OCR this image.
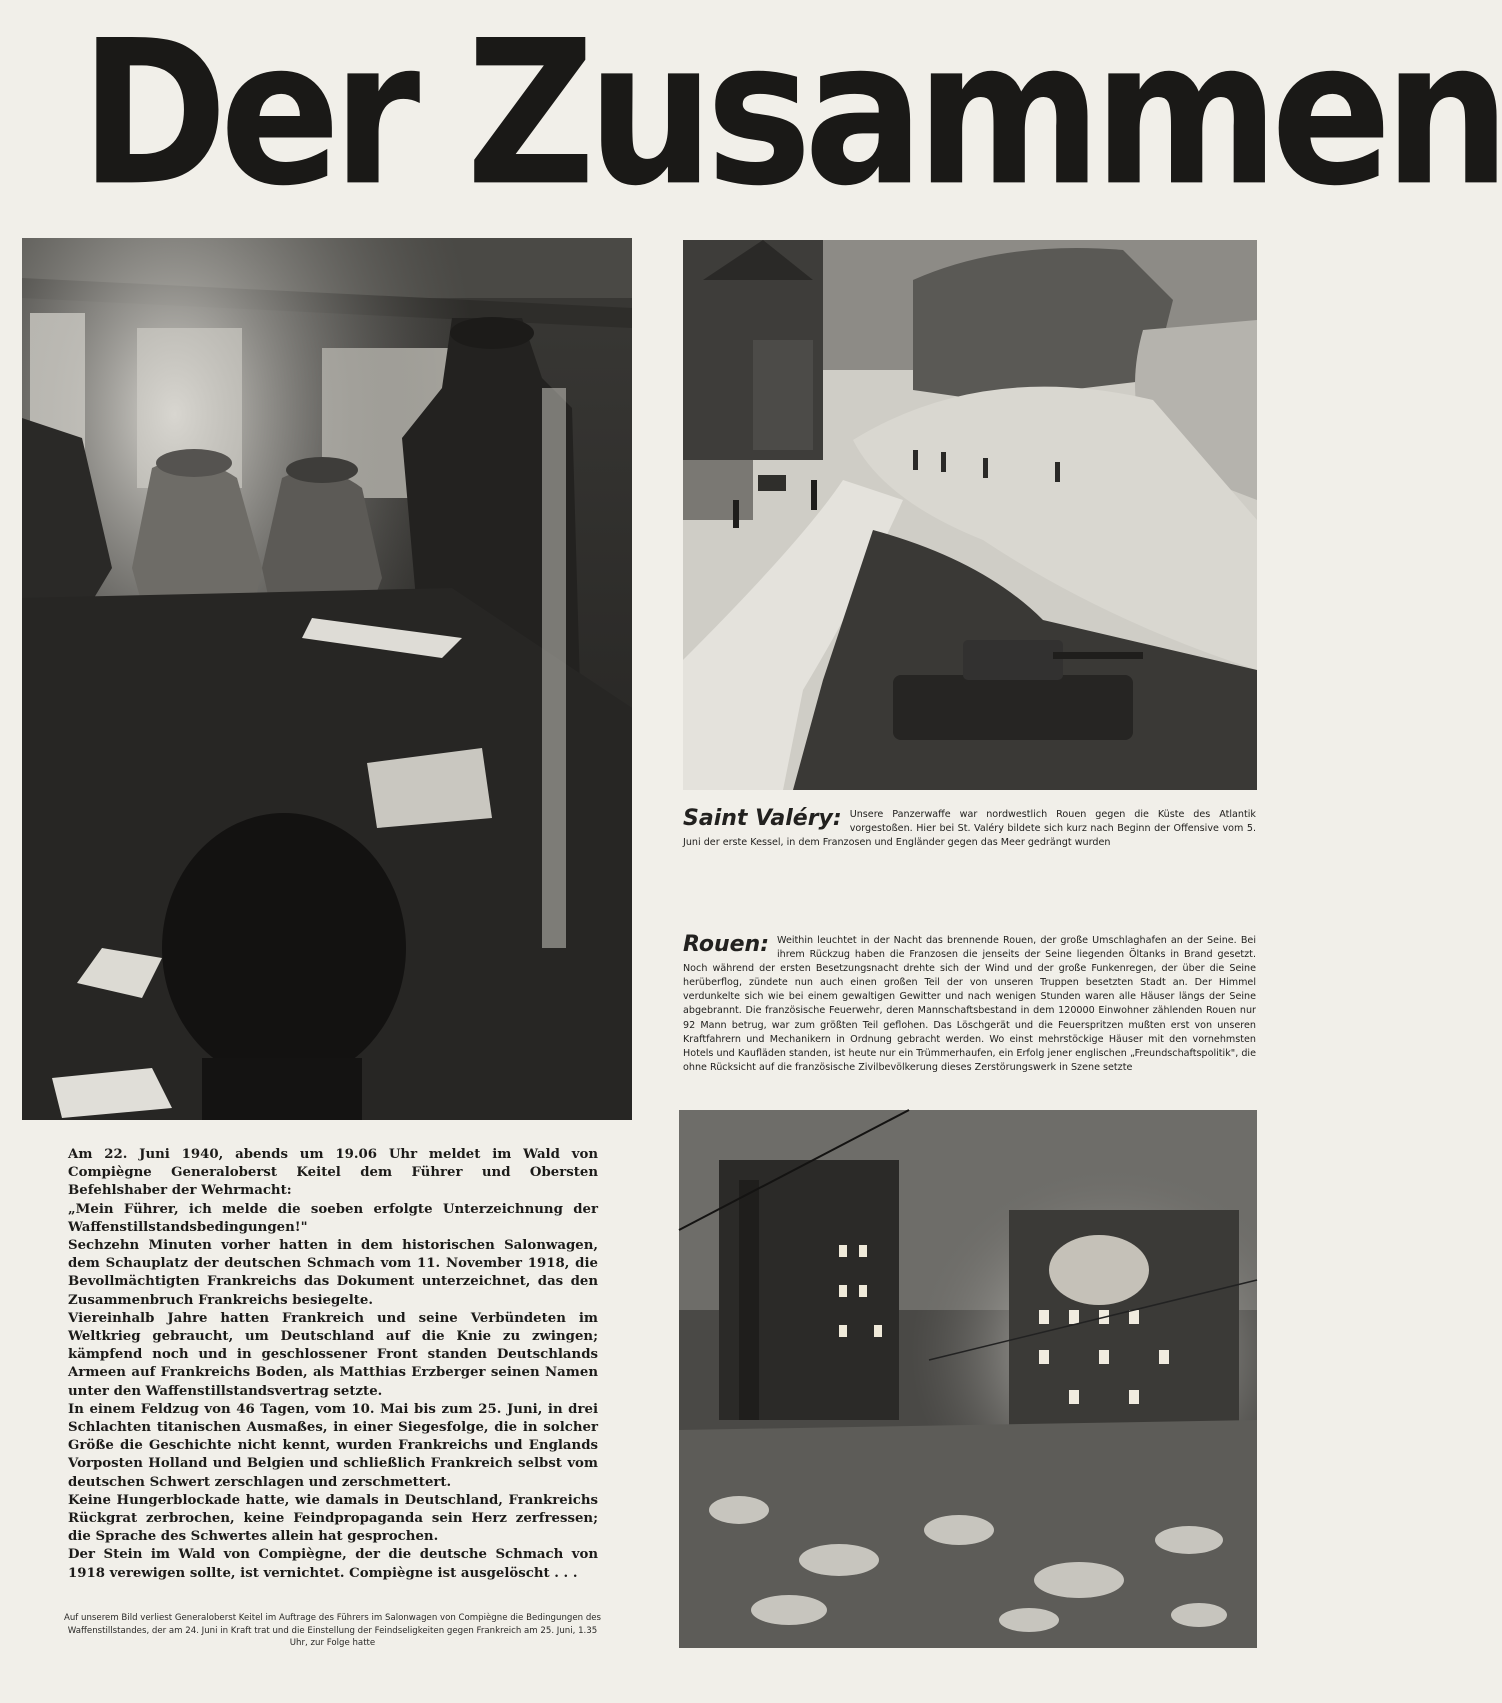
Der Zusammen
Saint Valéry: Unsere Panzerwaffe war nordwestlich Rouen gegen die Küste des Atlantik vorgestoßen. Hier bei St. Valéry bildete sich kurz nach Beginn der Offensive vom 5. Juni der erste Kessel, in dem Franzosen und Engländer gegen das Meer gedrängt wurden
Rouen: Weithin leuchtet in der Nacht das brennende Rouen, der große Umschlaghafen an der Seine. Bei ihrem Rückzug haben die Franzosen die jenseits der Seine liegenden Öltanks in Brand gesetzt. Noch während der ersten Besetzungsnacht drehte sich der Wind und der große Funkenregen, der über die Seine herüberflog, zündete nun auch einen großen Teil der von unseren Truppen besetzten Stadt an. Der Himmel verdunkelte sich wie bei einem gewaltigen Gewitter und nach wenigen Stunden waren alle Häuser längs der Seine abgebrannt. Die französische Feuerwehr, deren Mannschaftsbestand in dem 120000 Einwohner zählenden Rouen nur 92 Mann betrug, war zum größten Teil geflohen. Das Löschgerät und die Feuerspritzen mußten erst von unseren Kraftfahrern und Mechanikern in Ordnung gebracht werden. Wo einst mehrstöckige Häuser mit den vornehmsten Hotels und Kaufläden standen, ist heute nur ein Trümmerhaufen, ein Erfolg jener englischen „Freundschaftspolitik", die ohne Rücksicht auf die französische Zivilbevölkerung dieses Zerstörungswerk in Szene setzte

Am 22. Juni 1940, abends um 19.06 Uhr meldet im Wald von Compiègne Generaloberst Keitel dem Führer und Obersten Befehlshaber der Wehrmacht:

„Mein Führer, ich melde die soeben erfolgte Unterzeichnung der Waffenstillstandsbedingungen!"

Sechzehn Minuten vorher hatten in dem historischen Salonwagen, dem Schauplatz der deutschen Schmach vom 11. November 1918, die Bevollmächtigten Frankreichs das Dokument unterzeichnet, das den Zusammenbruch Frankreichs besiegelte.

Viereinhalb Jahre hatten Frankreich und seine Verbündeten im Weltkrieg gebraucht, um Deutschland auf die Knie zu zwingen; kämpfend noch und in geschlossener Front standen Deutschlands Armeen auf Frankreichs Boden, als Matthias Erzberger seinen Namen unter den Waffenstillstandsvertrag setzte.

In einem Feldzug von 46 Tagen, vom 10. Mai bis zum 25. Juni, in drei Schlachten titanischen Ausmaßes, in einer Siegesfolge, die in solcher Größe die Geschichte nicht kennt, wurden Frankreichs und Englands Vorposten Holland und Belgien und schließlich Frankreich selbst vom deutschen Schwert zerschlagen und zerschmettert.

Keine Hungerblockade hatte, wie damals in Deutschland, Frankreichs Rückgrat zerbrochen, keine Feindpropaganda sein Herz zerfressen; die Sprache des Schwertes allein hat gesprochen.

Der Stein im Wald von Compiègne, der die deutsche Schmach von 1918 verewigen sollte, ist vernichtet. Compiègne ist ausgelöscht . . .

Auf unserem Bild verliest Generaloberst Keitel im Auftrage des Führers im Salonwagen von Compiègne die Bedingungen des Waffenstillstandes, der am 24. Juni in Kraft trat und die Einstellung der Feindseligkeiten gegen Frankreich am 25. Juni, 1.35 Uhr, zur Folge hatte
